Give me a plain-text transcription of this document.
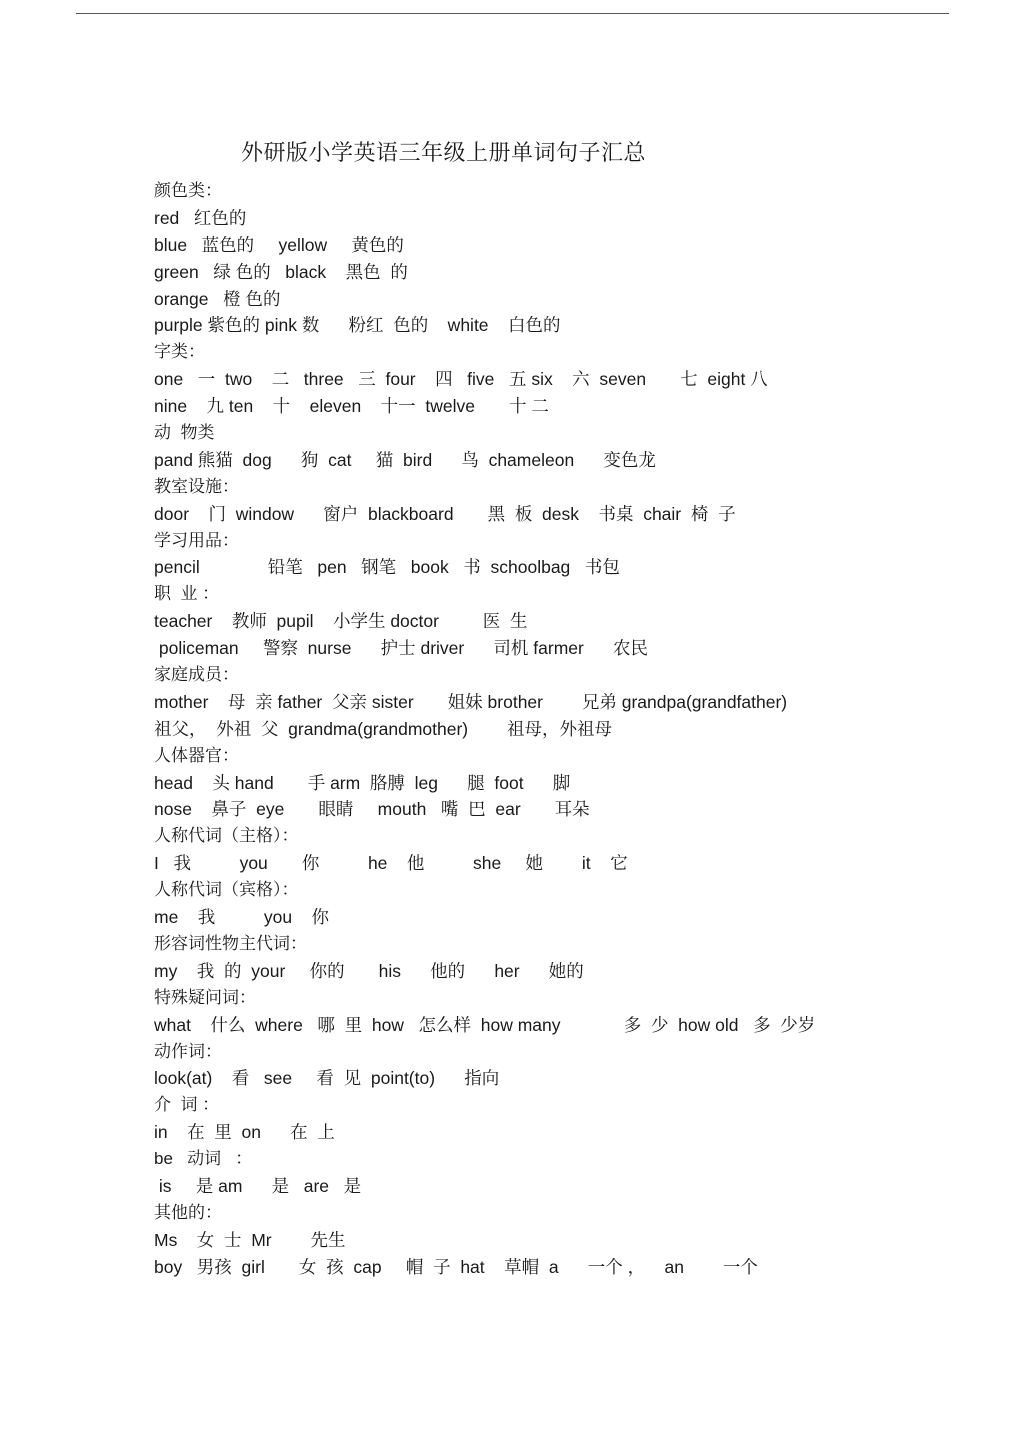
外研版小学英语三年级上册单词句子汇总
颜色类：
red   红色的
blue   蓝色的     yellow     黄色的
green   绿 色的   black    黑色  的
orange   橙 色的
purple 紫色的 pink 数      粉红  色的    white    白色的
字类：
one   一  two    二   three   三  four    四   five   五 six    六  seven       七  eight 八
nine    九 ten    十    eleven    十一  twelve       十 二
动  物类
pand 熊猫  dog      狗  cat     猫  bird      鸟  chameleon      变色龙
教室设施：
door    门  window      窗户  blackboard       黑  板  desk    书桌  chair  椅  子
学习用品：
pencil              铅笔   pen   钢笔   book   书  schoolbag   书包
职  业 ：
teacher    教师  pupil    小学生 doctor         医  生
policeman     警察  nurse      护士 driver      司机 farmer      农民
家庭成员：
mother    母  亲 father  父亲 sister       姐妹 brother        兄弟 grandpa(grandfather)
祖父，  外祖  父  grandma(grandmother)        祖母，外祖母
人体器官：
head    头 hand       手 arm  胳膊  leg      腿  foot      脚
nose    鼻子  eye       眼睛     mouth   嘴  巴  ear       耳朵
人称代词（主格）：
I   我          you       你          he    他          she     她        it    它
人称代词（宾格）：
me    我          you    你
形容词性物主代词：
my    我  的  your     你的       his      他的      her      她的
特殊疑问词：
what    什么  where   哪  里  how   怎么样  how many             多  少  how old   多  少岁
动作词：
look(at)    看   see     看  见  point(to)      指向
介  词 ：
in    在  里  on      在  上
be   动词   ：
is     是 am      是   are   是
其他的：
Ms    女  士  Mr        先生
boy   男孩  girl       女  孩  cap     帽  子  hat    草帽  a      一个 ，    an        一个
